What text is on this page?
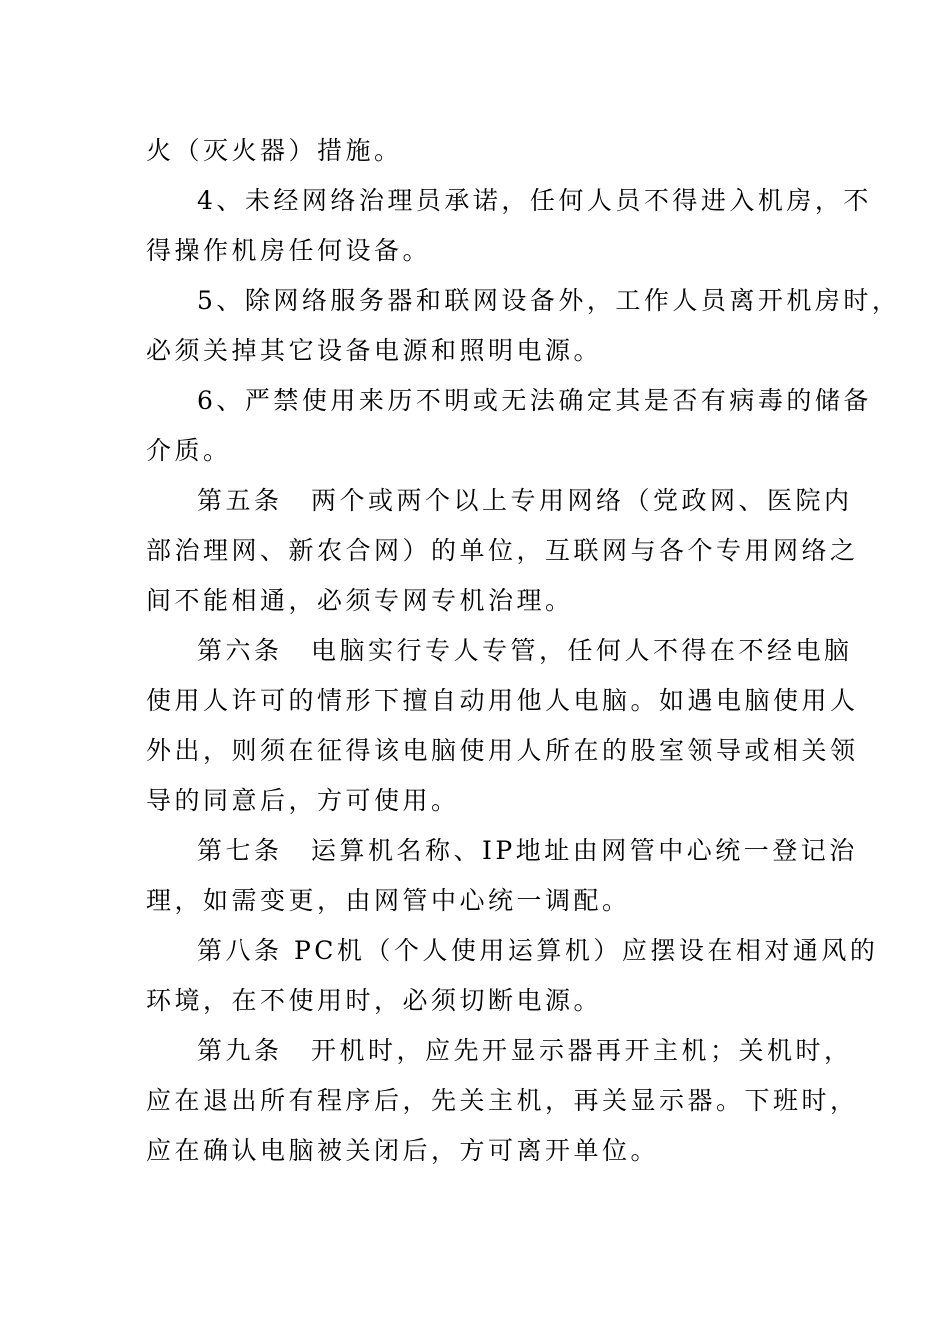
火（灭火器）措施。
4、未经网络治理员承诺，任何人员不得进入机房，不
得操作机房任何设备。
5、除网络服务器和联网设备外，工作人员离开机房时，
必须关掉其它设备电源和照明电源。
6、严禁使用来历不明或无法确定其是否有病毒的储备
介质。
第五条　两个或两个以上专用网络（党政网、医院内
部治理网、新农合网）的单位，互联网与各个专用网络之
间不能相通，必须专网专机治理。
第六条　电脑实行专人专管，任何人不得在不经电脑
使用人许可的情形下擅自动用他人电脑。如遇电脑使用人
外出，则须在征得该电脑使用人所在的股室领导或相关领
导的同意后，方可使用。
第七条　运算机名称、IP地址由网管中心统一登记治
理，如需变更，由网管中心统一调配。
第八条 PC机（个人使用运算机）应摆设在相对通风的
环境，在不使用时，必须切断电源。
第九条　开机时，应先开显示器再开主机；关机时，
应在退出所有程序后，先关主机，再关显示器。下班时，
应在确认电脑被关闭后，方可离开单位。
